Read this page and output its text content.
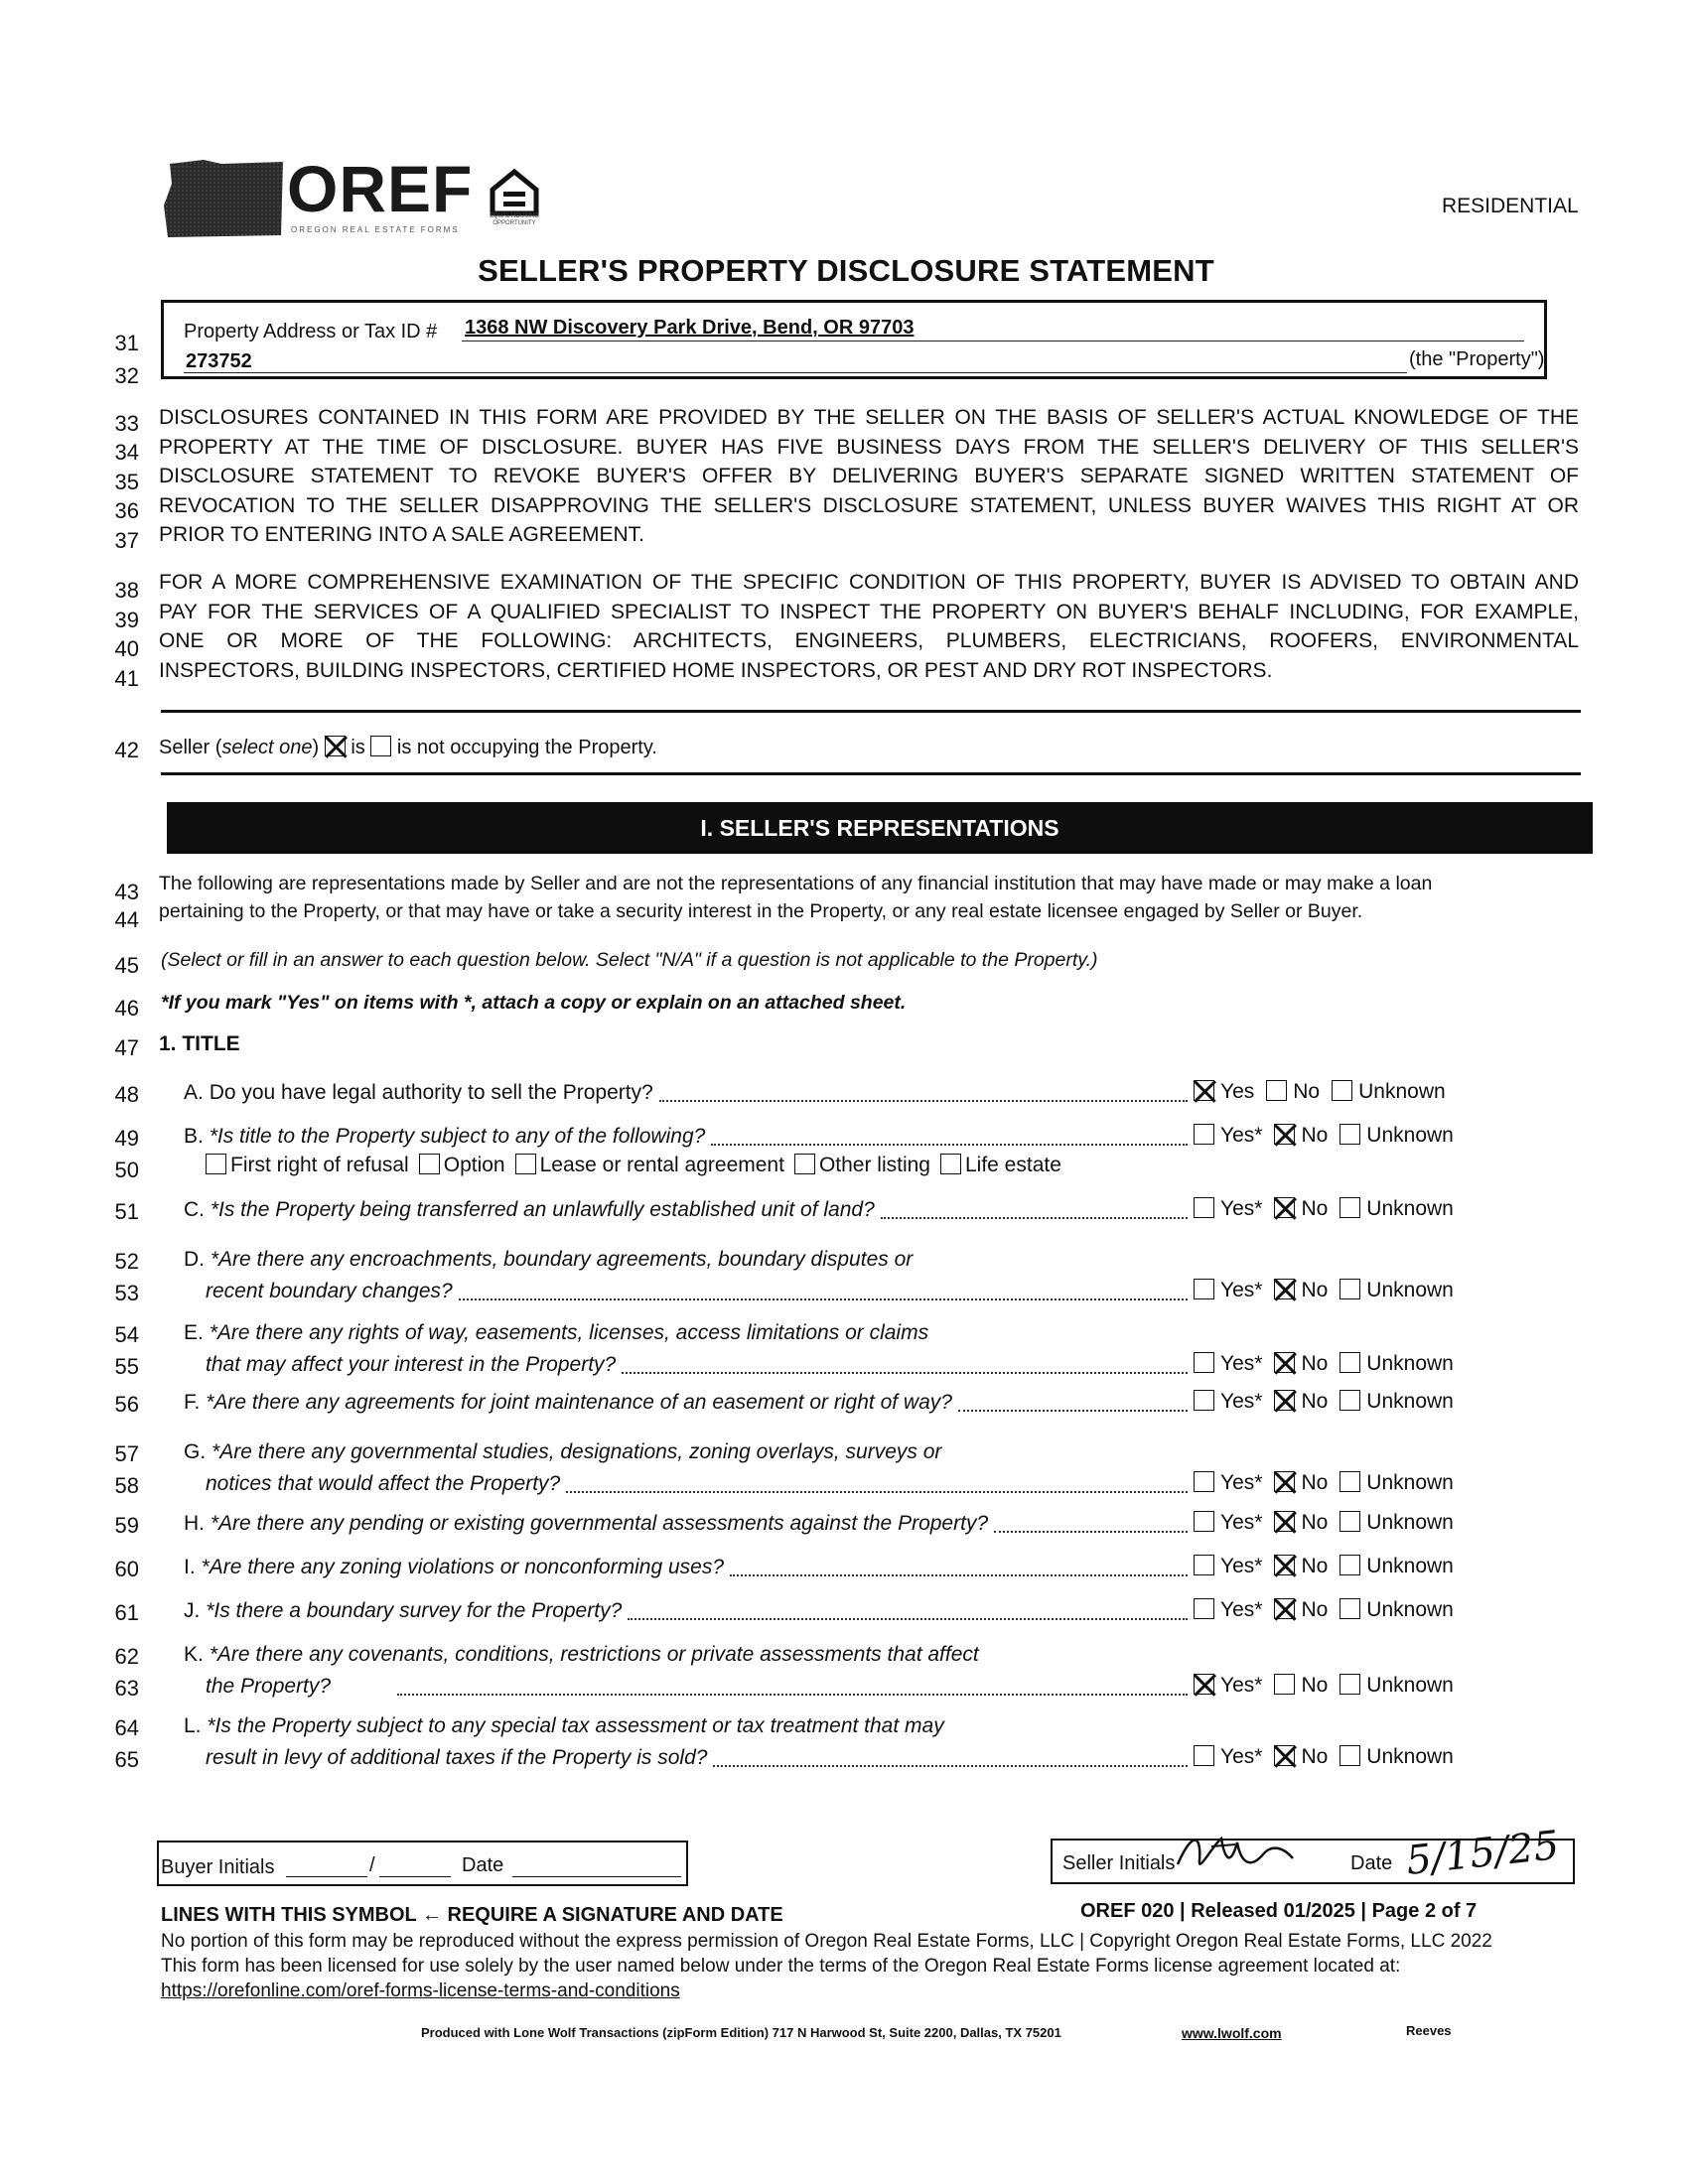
OREF
OREGON REAL ESTATE FORMS
EQUAL HOUSING OPPORTUNITY
RESIDENTIAL
SELLER'S PROPERTY DISCLOSURE STATEMENT
31
32
Property Address or Tax ID # 1368 NW Discovery Park Drive, Bend, OR 97703
273752	(the "Property")
DISCLOSURES CONTAINED IN THIS FORM ARE PROVIDED BY THE SELLER ON THE BASIS OF SELLER'S ACTUAL KNOWLEDGE OF THE
PROPERTY AT THE TIME OF DISCLOSURE. BUYER HAS FIVE BUSINESS DAYS FROM THE SELLER'S DELIVERY OF THIS SELLER'S
DISCLOSURE STATEMENT TO REVOKE BUYER'S OFFER BY DELIVERING BUYER'S SEPARATE SIGNED WRITTEN STATEMENT OF
REVOCATION TO THE SELLER DISAPPROVING THE SELLER'S DISCLOSURE STATEMENT, UNLESS BUYER WAIVES THIS RIGHT AT OR
PRIOR TO ENTERING INTO A SALE AGREEMENT.
33
34
35
36
37
FOR A MORE COMPREHENSIVE EXAMINATION OF THE SPECIFIC CONDITION OF THIS PROPERTY, BUYER IS ADVISED TO OBTAIN AND
PAY FOR THE SERVICES OF A QUALIFIED SPECIALIST TO INSPECT THE PROPERTY ON BUYER'S BEHALF INCLUDING, FOR EXAMPLE,
ONE OR MORE OF THE FOLLOWING: ARCHITECTS, ENGINEERS, PLUMBERS, ELECTRICIANS, ROOFERS, ENVIRONMENTAL
INSPECTORS, BUILDING INSPECTORS, CERTIFIED HOME INSPECTORS, OR PEST AND DRY ROT INSPECTORS.
38
39
40
41
42 Seller (select one) is is not occupying the Property.
I. SELLER'S REPRESENTATIONS
43
44
The following are representations made by Seller and are not the representations of any financial institution that may have made or may make a loan
pertaining to the Property, or that may have or take a security interest in the Property, or any real estate licensee engaged by Seller or Buyer.
45 (Select or fill in an answer to each question below. Select "N/A" if a question is not applicable to the Property.)
46 *If you mark "Yes" on items with *, attach a copy or explain on an attached sheet.
47 1. TITLE
48 A. Do you have legal authority to sell the Property?	Yes No Unknown
49
50
B. *Is title to the Property subject to any of the following?	Yes* No Unknown
First right of refusal Option Lease or rental agreement Other listing Life estate
51 C. *Is the Property being transferred an unlawfully established unit of land?	Yes* No Unknown
52
53
D. *Are there any encroachments, boundary agreements, boundary disputes or
recent boundary changes?	Yes* No Unknown
54
55
E. *Are there any rights of way, easements, licenses, access limitations or claims
that may affect your interest in the Property?	Yes* No Unknown
56 F. *Are there any agreements for joint maintenance of an easement or right of way?	Yes* No Unknown
57
58
G. *Are there any governmental studies, designations, zoning overlays, surveys or
notices that would affect the Property?	Yes* No Unknown
59 H. *Are there any pending or existing governmental assessments against the Property?	Yes* No Unknown
60 I. *Are there any zoning violations or nonconforming uses?	Yes* No Unknown
61 J. *Is there a boundary survey for the Property?	Yes* No Unknown
62
63
K. *Are there any covenants, conditions, restrictions or private assessments that affect
the Property?	Yes* No Unknown
64
65
L. *Is the Property subject to any special tax assessment or tax treatment that may
result in levy of additional taxes if the Property is sold?	Yes* No Unknown
Buyer Initials	/	Date	Seller Initials	Date 5/15/25
LINES WITH THIS SYMBOL ← REQUIRE A SIGNATURE AND DATE	OREF 020 | Released 01/2025 | Page 2 of 7
No portion of this form may be reproduced without the express permission of Oregon Real Estate Forms, LLC | Copyright Oregon Real Estate Forms, LLC 2022
This form has been licensed for use solely by the user named below under the terms of the Oregon Real Estate Forms license agreement located at:
https://orefonline.com/oref-forms-license-terms-and-conditions
Produced with Lone Wolf Transactions (zipForm Edition) 717 N Harwood St, Suite 2200, Dallas, TX 75201	www.lwolf.com	Reeves
